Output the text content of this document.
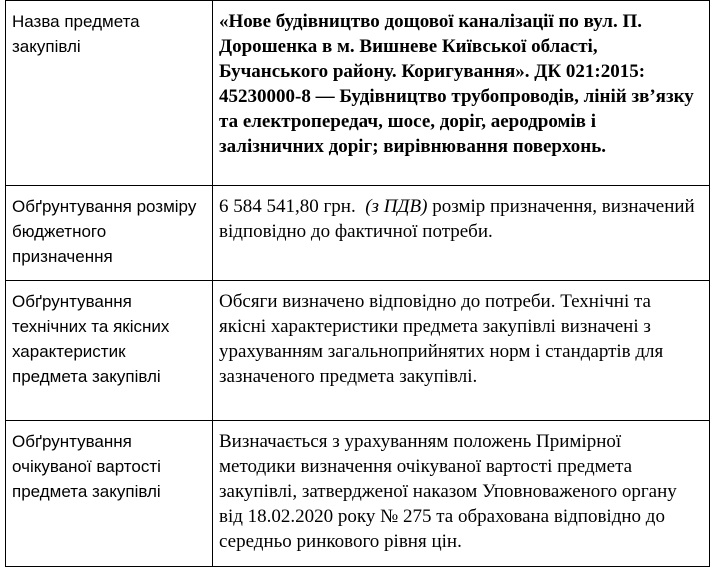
Назва предмета закупівлі	«Нове будівництво дощової каналізації по вул. П. Дорошенка в м. Вишневе Київської області, Бучанського району. Коригування». ДК 021:2015: 45230000-8 — Будівництво трубопроводів, ліній зв’язку та електропередач, шосе, доріг, аеродромів і залізничних доріг; вирівнювання поверхонь.
Обґрунтування розміру бюджетного призначення	6 584 541,80 грн. (з ПДВ) розмір призначення, визначений відповідно до фактичної потреби.
Обґрунтування технічних та якісних характеристик предмета закупівлі	Обсяги визначено відповідно до потреби. Технічні та якісні характеристики предмета закупівлі визначені з урахуванням загальноприйнятих норм і стандартів для зазначеного предмета закупівлі.
Обґрунтування очікуваної вартості предмета закупівлі	Визначається з урахуванням положень Примірної методики визначення очікуваної вартості предмета закупівлі, затвердженої наказом Уповноваженого органу від 18.02.2020 року № 275 та обрахована відповідно до середньо ринкового рівня цін.
